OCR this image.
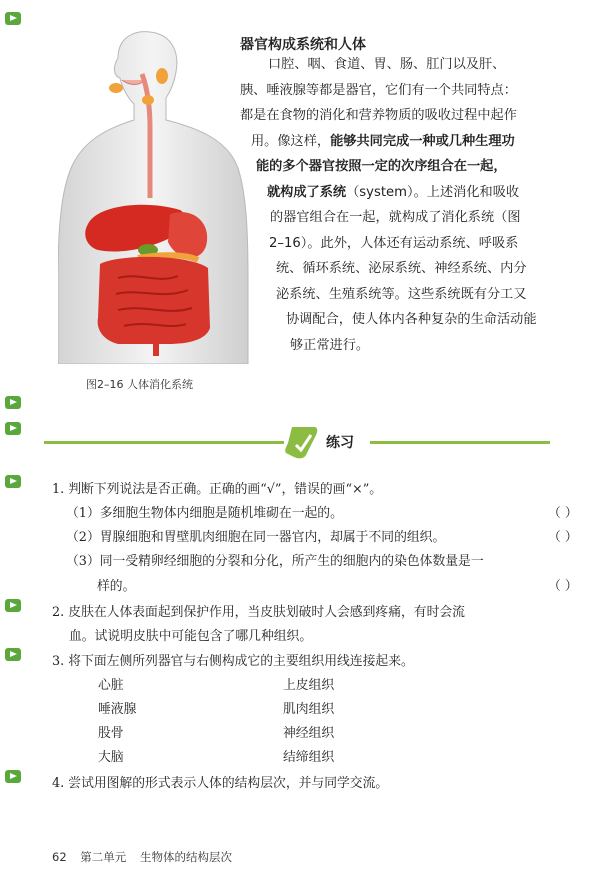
图2–16 人体消化系统
器官构成系统和人体
口腔、咽、食道、胃、肠、肛门以及肝、
胰、唾液腺等都是器官，它们有一个共同特点：
都是在食物的消化和营养物质的吸收过程中起作
用。像这样，能够共同完成一种或几种生理功
能的多个器官按照一定的次序组合在一起，
就构成了系统（system）。上述消化和吸收
的器官组合在一起，就构成了消化系统（图
2–16）。此外，人体还有运动系统、呼吸系
统、循环系统、泌尿系统、神经系统、内分
泌系统、生殖系统等。这些系统既有分工又
协调配合，使人体内各种复杂的生命活动能
够正常进行。
练习
1. 判断下列说法是否正确。正确的画“√”，错误的画“×”。
（1）多细胞生物体内细胞是随机堆砌在一起的。	（ ）
（2）胃腺细胞和胃壁肌肉细胞在同一器官内，却属于不同的组织。	（ ）
（3）同一受精卵经细胞的分裂和分化，所产生的细胞内的染色体数量是一
样的。	（ ）
2. 皮肤在人体表面起到保护作用，当皮肤划破时人会感到疼痛，有时会流
血。试说明皮肤中可能包含了哪几种组织。
3. 将下面左侧所列器官与右侧构成它的主要组织用线连接起来。
心脏	上皮组织
唾液腺	肌肉组织
股骨	神经组织
大脑	结缔组织
4. 尝试用图解的形式表示人体的结构层次，并与同学交流。
62 第二单元 生物体的结构层次
